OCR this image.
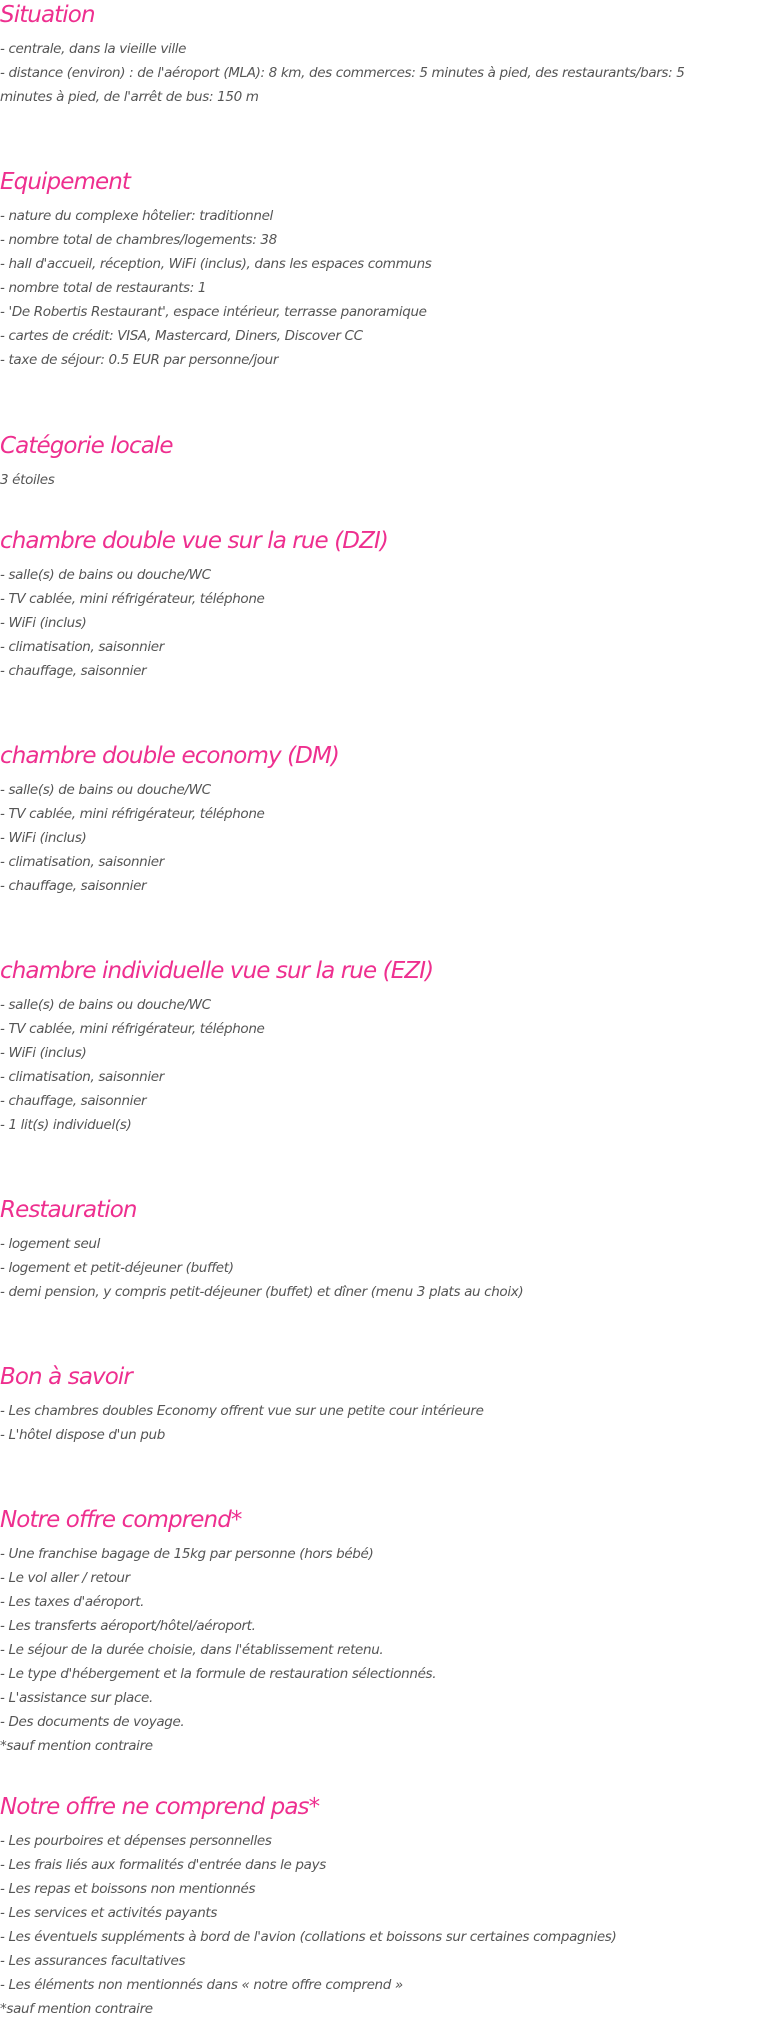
Situation
- centrale, dans la vieille ville
- distance (environ) : de l'aéroport (MLA): 8 km, des commerces: 5 minutes à pied, des restaurants/bars: 5 minutes à pied, de l'arrêt de bus: 150 m
Equipement
- nature du complexe hôtelier: traditionnel
- nombre total de chambres/logements: 38
- hall d'accueil, réception, WiFi (inclus), dans les espaces communs
- nombre total de restaurants: 1
- 'De Robertis Restaurant', espace intérieur, terrasse panoramique
- cartes de crédit: VISA, Mastercard, Diners, Discover CC
- taxe de séjour: 0.5 EUR par personne/jour
Catégorie locale
3 étoiles
chambre double vue sur la rue (DZI)
- salle(s) de bains ou douche/WC
- TV cablée, mini réfrigérateur, téléphone
- WiFi (inclus)
- climatisation, saisonnier
- chauffage, saisonnier
chambre double economy (DM)
- salle(s) de bains ou douche/WC
- TV cablée, mini réfrigérateur, téléphone
- WiFi (inclus)
- climatisation, saisonnier
- chauffage, saisonnier
chambre individuelle vue sur la rue (EZI)
- salle(s) de bains ou douche/WC
- TV cablée, mini réfrigérateur, téléphone
- WiFi (inclus)
- climatisation, saisonnier
- chauffage, saisonnier
- 1 lit(s) individuel(s)
Restauration
- logement seul
- logement et petit-déjeuner (buffet)
- demi pension, y compris petit-déjeuner (buffet) et dîner (menu 3 plats au choix)
Bon à savoir
- Les chambres doubles Economy offrent vue sur une petite cour intérieure
- L'hôtel dispose d'un pub
Notre offre comprend*
- Une franchise bagage de 15kg par personne (hors bébé)
- Le vol aller / retour
- Les taxes d'aéroport.
- Les transferts aéroport/hôtel/aéroport.
- Le séjour de la durée choisie, dans l'établissement retenu.
- Le type d'hébergement et la formule de restauration sélectionnés.
- L'assistance sur place.
- Des documents de voyage.
*sauf mention contraire
Notre offre ne comprend pas*
- Les pourboires et dépenses personnelles
- Les frais liés aux formalités d'entrée dans le pays
- Les repas et boissons non mentionnés
- Les services et activités payants
- Les éventuels suppléments à bord de l'avion (collations et boissons sur certaines compagnies)
- Les assurances facultatives
- Les éléments non mentionnés dans « notre offre comprend »
*sauf mention contraire
